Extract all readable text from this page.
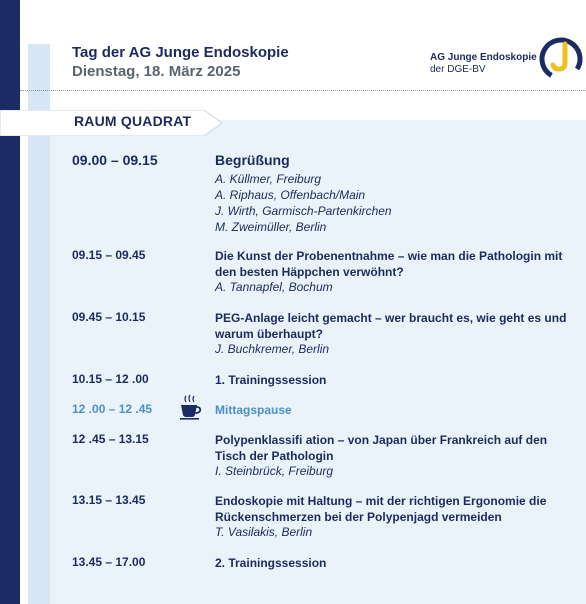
Tag der AG Junge Endoskopie
Dienstag, 18. März 2025
AG Junge Endoskopie
der DGE-BV
RAUM QUADRAT
09.00 – 09.15	Begrüßung
A. Küllmer, Freiburg
A. Riphaus, Offenbach/Main
J. Wirth, Garmisch-Partenkirchen
M. Zweimüller, Berlin
09.15 – 09.45	Die Kunst der Probenentnahme – wie man die Pathologin mit den besten Häppchen verwöhnt?
A. Tannapfel, Bochum
09.45 – 10.15	PEG-Anlage leicht gemacht – wer braucht es, wie geht es und warum überhaupt?
J. Buchkremer, Berlin
10.15 – 12 .00	1. Trainingssession
12 .00 – 12 .45	Mittagspause
12 .45 – 13.15	Polypenklassifi ation – von Japan über Frankreich auf den Tisch der Pathologin
I. Steinbrück, Freiburg
13.15 – 13.45	Endoskopie mit Haltung – mit der richtigen Ergonomie die Rückenschmerzen bei der Polypenjagd vermeiden
T. Vasilakis, Berlin
13.45 – 17.00	2. Trainingssession
